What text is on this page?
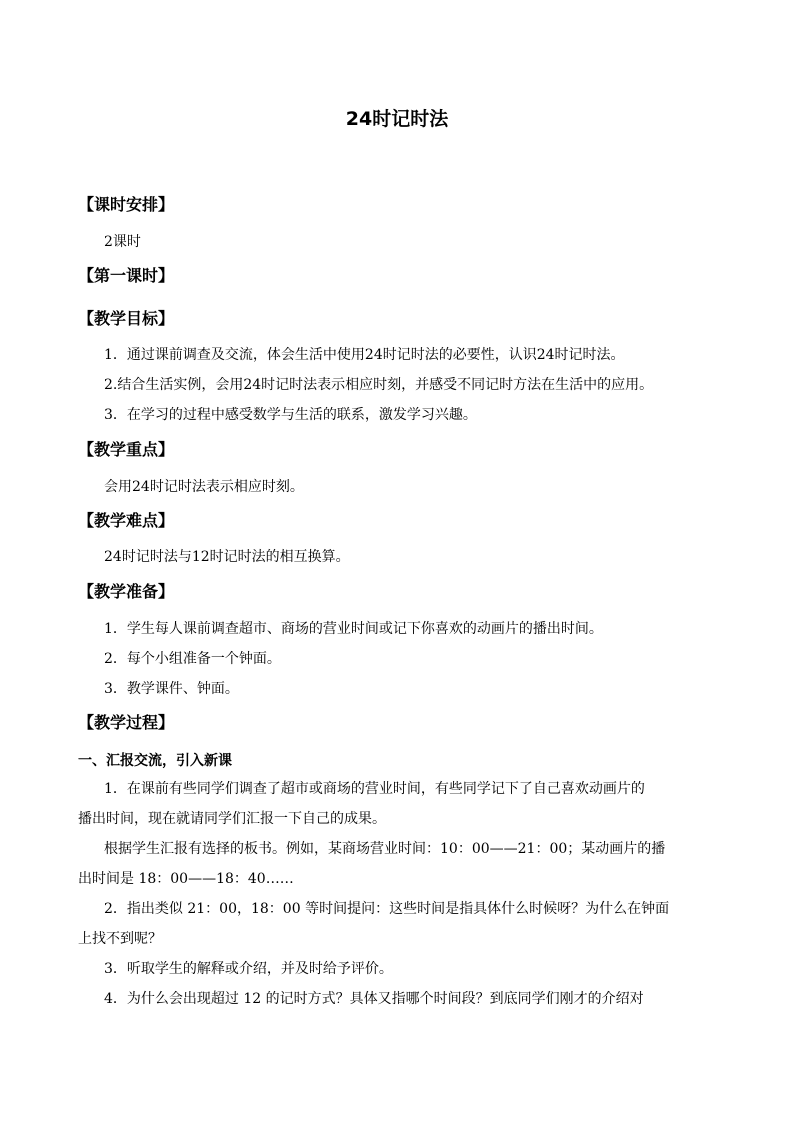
24时记时法
【课时安排】
2课时
【第一课时】
【教学目标】
1．通过课前调查及交流，体会生活中使用24时记时法的必要性，认识24时记时法。
2.结合生活实例，会用24时记时法表示相应时刻，并感受不同记时方法在生活中的应用。
3．在学习的过程中感受数学与生活的联系，激发学习兴趣。
【教学重点】
会用24时记时法表示相应时刻。
【教学难点】
24时记时法与12时记时法的相互换算。
【教学准备】
1．学生每人课前调查超市、商场的营业时间或记下你喜欢的动画片的播出时间。
2．每个小组准备一个钟面。
3．教学课件、钟面。
【教学过程】
一、汇报交流，引入新课
1．在课前有些同学们调查了超市或商场的营业时间，有些同学记下了自己喜欢动画片的
播出时间，现在就请同学们汇报一下自己的成果。
根据学生汇报有选择的板书。例如，某商场营业时间：10：00——21：00；某动画片的播
出时间是 18：00——18：40……
2．指出类似 21：00，18：00 等时间提问：这些时间是指具体什么时候呀？为什么在钟面
上找不到呢？
3．听取学生的解释或介绍，并及时给予评价。
4．为什么会出现超过 12 的记时方式？具体又指哪个时间段？到底同学们刚才的介绍对
